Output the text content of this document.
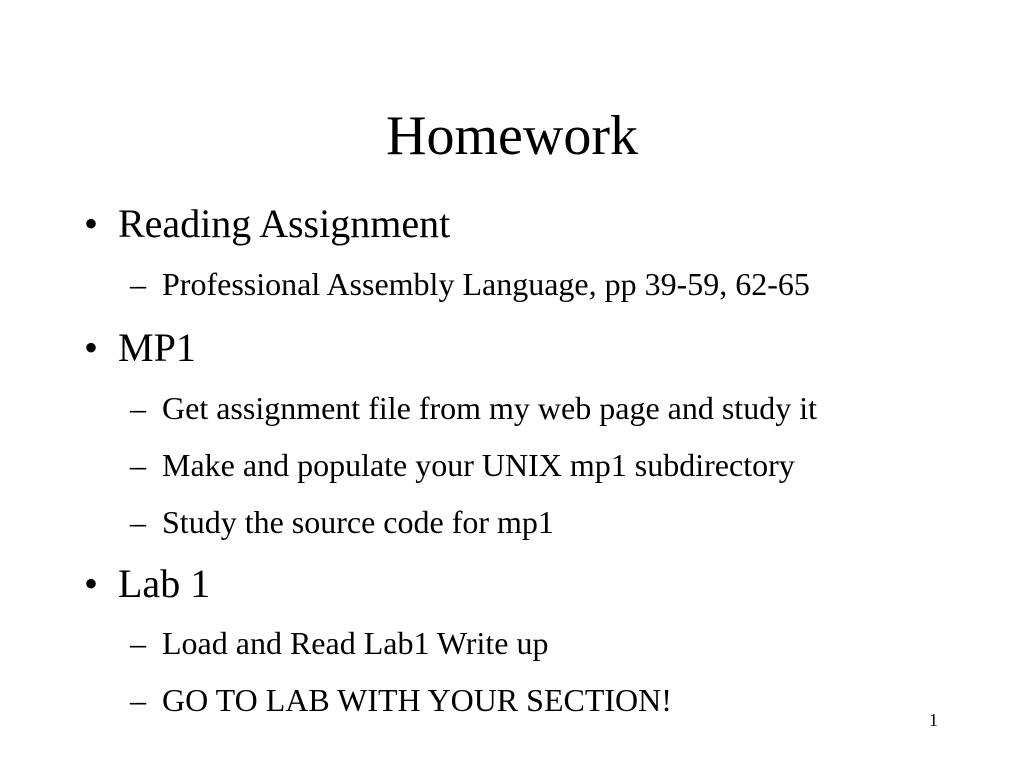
Homework
• Reading Assignment
– Professional Assembly Language, pp 39-59, 62-65
• MP1
– Get assignment file from my web page and study it
– Make and populate your UNIX mp1 subdirectory
– Study the source code for mp1
• Lab 1
– Load and Read Lab1 Write up
– GO TO LAB WITH YOUR SECTION!
1
